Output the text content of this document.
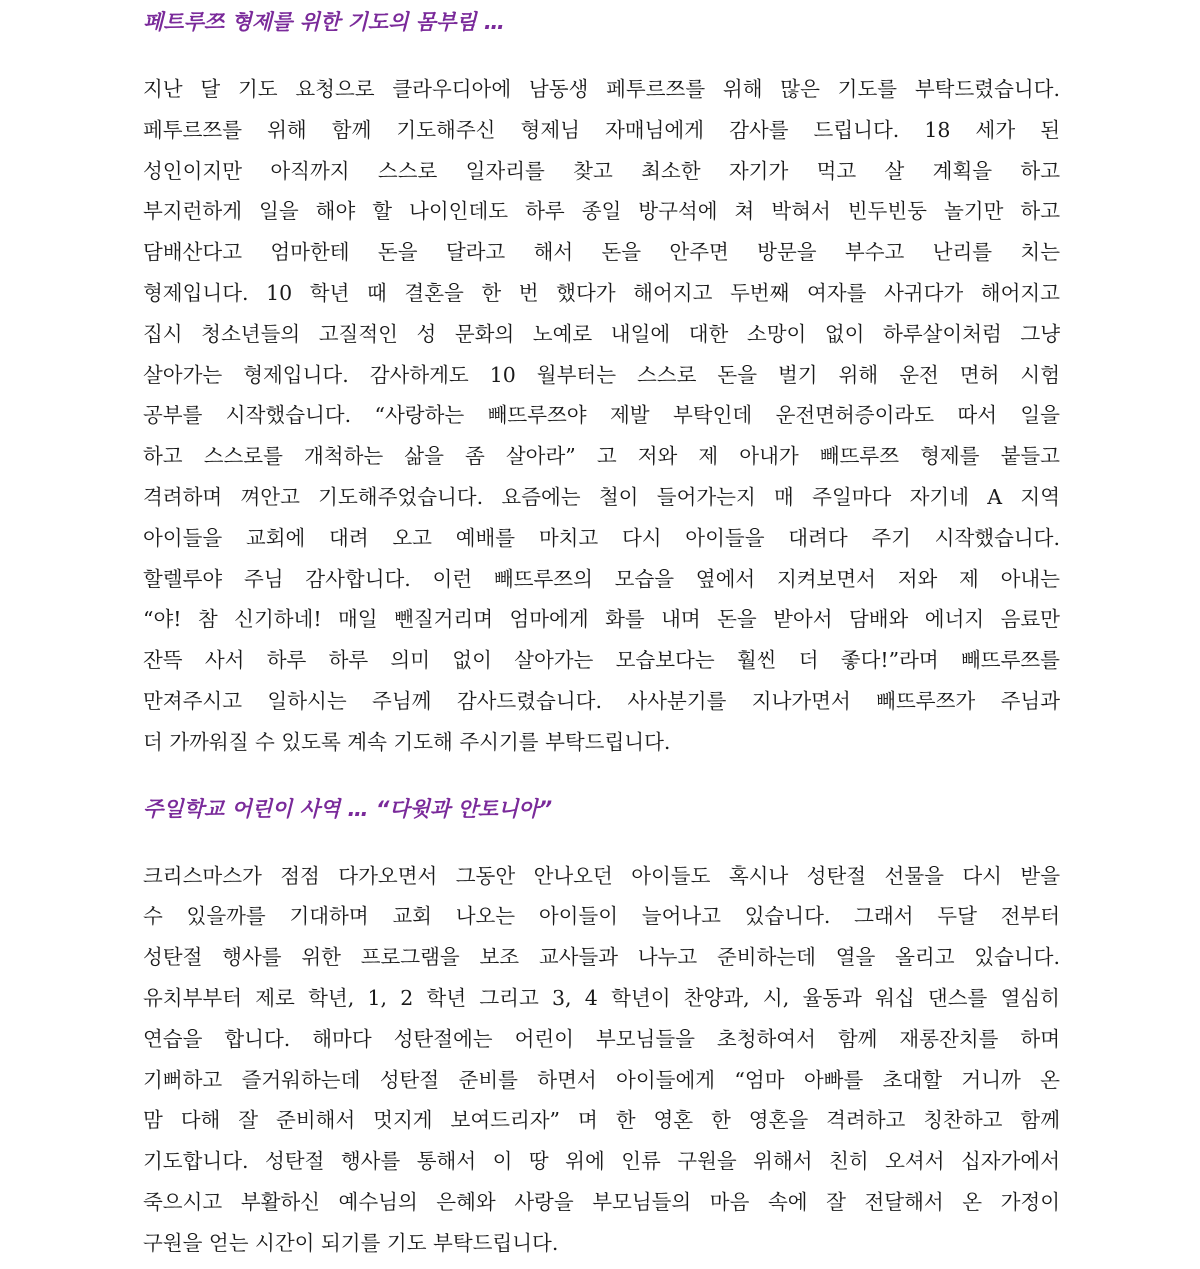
페트루쯔 형제를 위한 기도의 몸부림 …
지난 달 기도 요청으로 클라우디아에 남동생 페투르쯔를 위해 많은 기도를 부탁드렸습니다.
페투르쯔를 위해 함께 기도해주신 형제님 자매님에게 감사를 드립니다. 18 세가 된
성인이지만 아직까지 스스로 일자리를 찾고 최소한 자기가 먹고 살 계획을 하고
부지런하게 일을 해야 할 나이인데도 하루 종일 방구석에 쳐 박혀서 빈두빈둥 놀기만 하고
담배산다고 엄마한테 돈을 달라고 해서 돈을 안주면 방문을 부수고 난리를 치는
형제입니다. 10 학년 때 결혼을 한 번 했다가 해어지고 두번째 여자를 사귀다가 해어지고
집시 청소년들의 고질적인 성 문화의 노예로 내일에 대한 소망이 없이 하루살이처럼 그냥
살아가는 형제입니다. 감사하게도 10 월부터는 스스로 돈을 벌기 위해 운전 면허 시험
공부를 시작했습니다. “사랑하는 빼뜨루쯔야 제발 부탁인데 운전면허증이라도 따서 일을
하고 스스로를 개척하는 삶을 좀 살아라” 고 저와 제 아내가 빼뜨루쯔 형제를 붙들고
격려하며 껴안고 기도해주었습니다. 요즘에는 철이 들어가는지 매 주일마다 자기네 A 지역
아이들을 교회에 대려 오고 예배를 마치고 다시 아이들을 대려다 주기 시작했습니다.
할렐루야 주님 감사합니다. 이런 빼뜨루쯔의 모습을 옆에서 지켜보면서 저와 제 아내는
“야! 참 신기하네! 매일 뺀질거리며 엄마에게 화를 내며 돈을 받아서 담배와 에너지 음료만
잔뜩 사서 하루 하루 의미 없이 살아가는 모습보다는 훨씬 더 좋다!”라며 빼뜨루쯔를
만져주시고 일하시는 주님께 감사드렸습니다. 사사분기를 지나가면서 빼뜨루쯔가 주님과
더 가까워질 수 있도록 계속 기도해 주시기를 부탁드립니다.
주일학교 어린이 사역 … “다윗과 안토니아”
크리스마스가 점점 다가오면서 그동안 안나오던 아이들도 혹시나 성탄절 선물을 다시 받을
수 있을까를 기대하며 교회 나오는 아이들이 늘어나고 있습니다. 그래서 두달 전부터
성탄절 행사를 위한 프로그램을 보조 교사들과 나누고 준비하는데 열을 올리고 있습니다.
유치부부터 제로 학년, 1, 2 학년 그리고 3, 4 학년이 찬양과, 시, 율동과 워십 댄스를 열심히
연습을 합니다. 해마다 성탄절에는 어린이 부모님들을 초청하여서 함께 재롱잔치를 하며
기뻐하고 즐거워하는데 성탄절 준비를 하면서 아이들에게 “엄마 아빠를 초대할 거니까 온
맘 다해 잘 준비해서 멋지게 보여드리자” 며 한 영혼 한 영혼을 격려하고 칭찬하고 함께
기도합니다. 성탄절 행사를 통해서 이 땅 위에 인류 구원을 위해서 친히 오셔서 십자가에서
죽으시고 부활하신 예수님의 은혜와 사랑을 부모님들의 마음 속에 잘 전달해서 온 가정이
구원을 얻는 시간이 되기를 기도 부탁드립니다.
